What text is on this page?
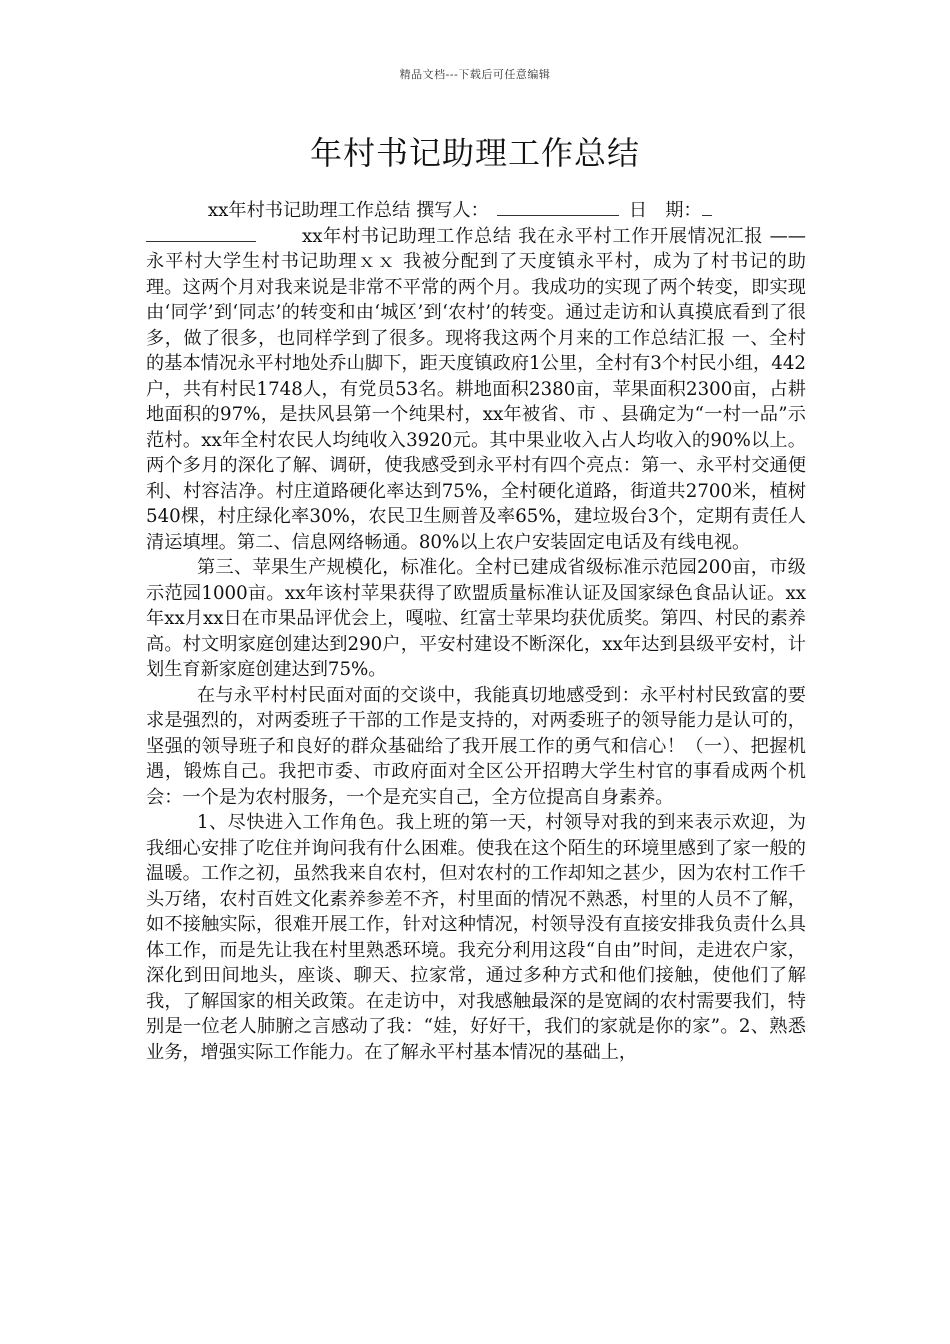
精品文档---下载后可任意编辑
年村书记助理工作总结

xx年村书记助理工作总结 撰写人：	日　期：

xx年村书记助理工作总结 我在永平村工作开展情况汇报 ——永平村大学生村书记助理ｘｘ 我被分配到了天度镇永平村，成为了村书记的助理。这两个月对我来说是非常不平常的两个月。我成功的实现了两个转变，即实现由‘同学’到‘同志’的转变和由‘城区’到‘农村’的转变。通过走访和认真摸底看到了很多，做了很多，也同样学到了很多。现将我这两个月来的工作总结汇报 一、全村的基本情况永平村地处乔山脚下，距天度镇政府1公里，全村有3个村民小组，442户，共有村民1748人，有党员53名。耕地面积2380亩，苹果面积2300亩，占耕地面积的97%，是扶风县第一个纯果村，xx年被省、市 、县确定为“一村一品”示范村。xx年全村农民人均纯收入3920元。其中果业收入占人均收入的90%以上。两个多月的深化了解、调研，使我感受到永平村有四个亮点：第一、永平村交通便利、村容洁净。村庄道路硬化率达到75%，全村硬化道路，街道共2700米，植树540棵，村庄绿化率30%，农民卫生厕普及率65%，建垃圾台3个，定期有责任人清运填埋。第二、信息网络畅通。80%以上农户安装固定电话及有线电视。

第三、苹果生产规模化，标准化。全村已建成省级标准示范园200亩，市级示范园1000亩。xx年该村苹果获得了欧盟质量标准认证及国家绿色食品认证。xx年xx月xx日在市果品评优会上，嘎啦、红富士苹果均获优质奖。第四、村民的素养高。村文明家庭创建达到290户，平安村建设不断深化，xx年达到县级平安村，计划生育新家庭创建达到75%。

在与永平村村民面对面的交谈中，我能真切地感受到：永平村村民致富的要求是强烈的，对两委班子干部的工作是支持的，对两委班子的领导能力是认可的，坚强的领导班子和良好的群众基础给了我开展工作的勇气和信心！（一）、把握机遇，锻炼自己。我把市委、市政府面对全区公开招聘大学生村官的事看成两个机会：一个是为农村服务，一个是充实自己，全方位提高自身素养。

1、尽快进入工作角色。我上班的第一天，村领导对我的到来表示欢迎，为我细心安排了吃住并询问我有什么困难。使我在这个陌生的环境里感到了家一般的温暖。工作之初，虽然我来自农村，但对农村的工作却知之甚少，因为农村工作千头万绪，农村百姓文化素养参差不齐，村里面的情况不熟悉，村里的人员不了解，如不接触实际，很难开展工作，针对这种情况，村领导没有直接安排我负责什么具体工作，而是先让我在村里熟悉环境。我充分利用这段“自由”时间，走进农户家，深化到田间地头，座谈、聊天、拉家常，通过多种方式和他们接触，使他们了解我，了解国家的相关政策。在走访中，对我感触最深的是宽阔的农村需要我们，特别是一位老人肺腑之言感动了我：“娃，好好干，我们的家就是你的家”。2、熟悉业务，增强实际工作能力。在了解永平村基本情况的基础上，
